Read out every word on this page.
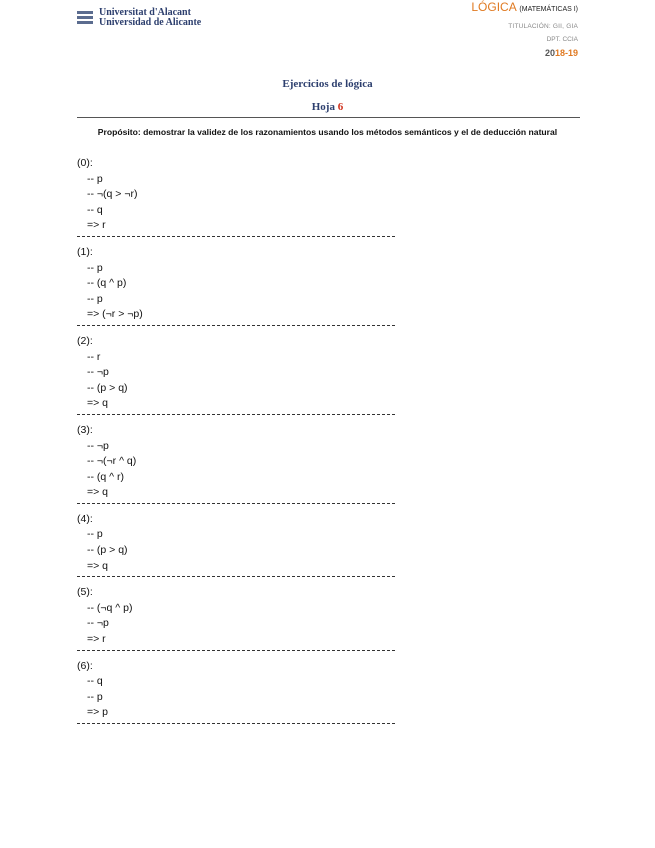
Universitat d'Alacant
Universidad de Alicante
LÓGICA (MATEMÁTICAS I)
TITULACIÓN: GII, GIA
DPT. CCIA
2018-19
Ejercicios de lógica
Hoja 6
Propósito: demostrar la validez de los razonamientos usando los métodos semánticos y el de deducción natural
(0):
-- p
-- ¬(q > ¬r)
-- q
=> r
(1):
-- p
-- (q ^ p)
-- p
=> (¬r > ¬p)
(2):
-- r
-- ¬p
-- (p > q)
=> q
(3):
-- ¬p
-- ¬(¬r ^ q)
-- (q ^ r)
=> q
(4):
-- p
-- (p > q)
=> q
(5):
-- (¬q ^ p)
-- ¬p
=> r
(6):
-- q
-- p
=> p
